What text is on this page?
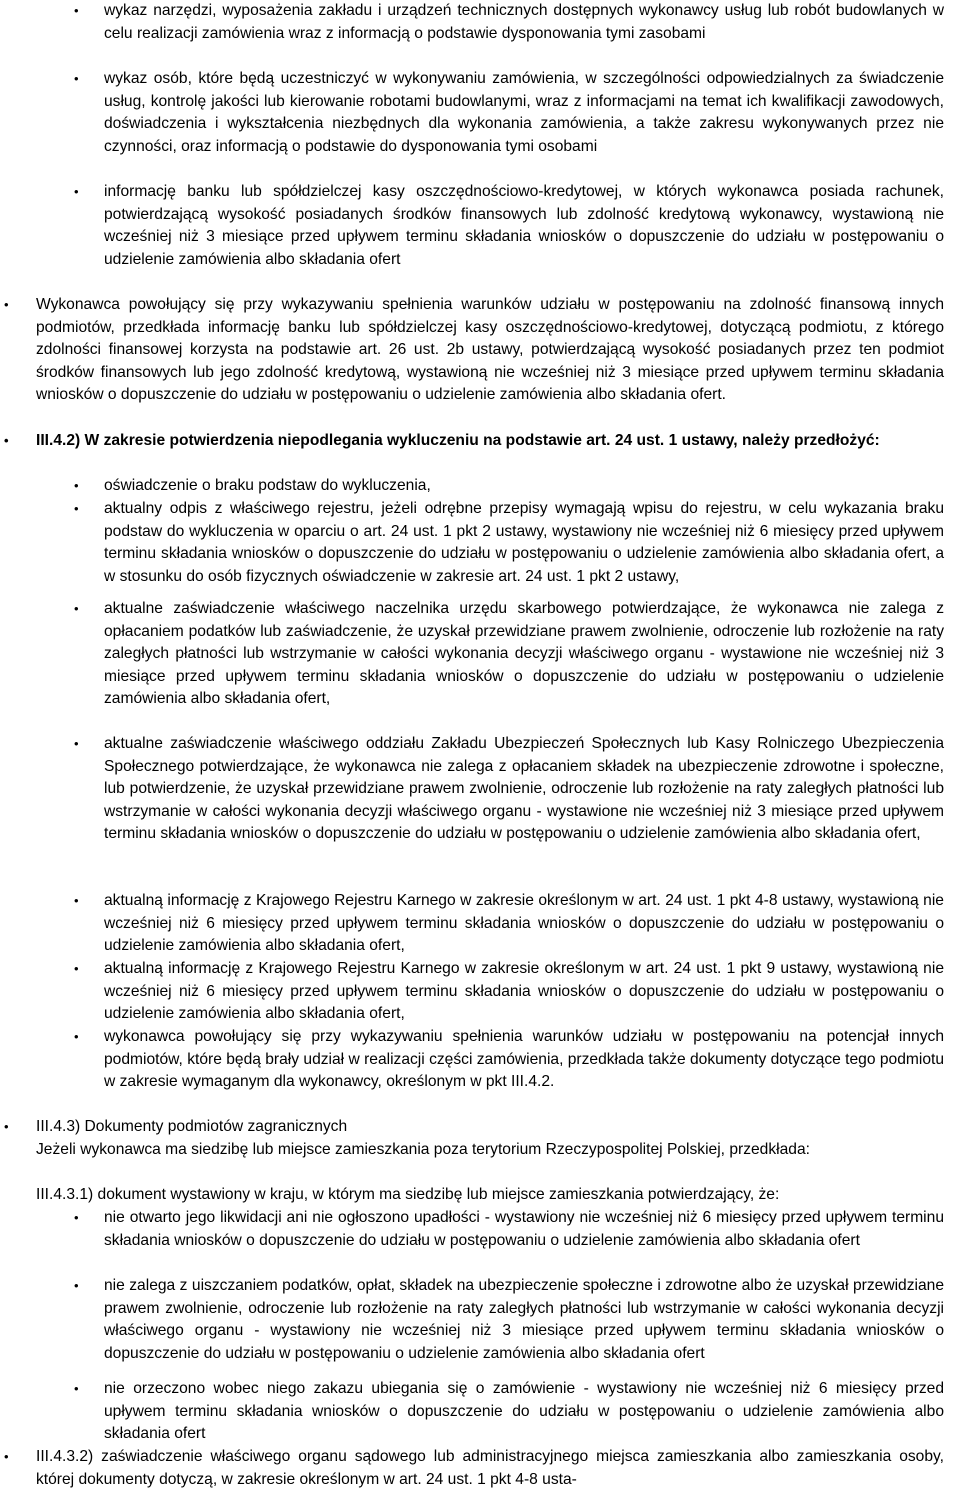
• wykaz narzędzi, wyposażenia zakładu i urządzeń technicznych dostępnych wykonawcy usług lub robót budowlanych w celu realizacji zamówienia wraz z informacją o podstawie dysponowania tymi zasobami
• wykaz osób, które będą uczestniczyć w wykonywaniu zamówienia, w szczególności odpowiedzialnych za świadczenie usług, kontrolę jakości lub kierowanie robotami budowlanymi, wraz z informacjami na temat ich kwalifikacji zawodowych, doświadczenia i wykształcenia niezbędnych dla wykonania zamówienia, a także zakresu wykonywanych przez nie czynności, oraz informacją o podstawie do dysponowania tymi osobami
• informację banku lub spółdzielczej kasy oszczędnościowo-kredytowej, w których wykonawca posiada rachunek, potwierdzającą wysokość posiadanych środków finansowych lub zdolność kredytową wykonawcy, wystawioną nie wcześniej niż 3 miesiące przed upływem terminu składania wniosków o dopuszczenie do udziału w postępowaniu o udzielenie zamówienia albo składania ofert
• Wykonawca powołujący się przy wykazywaniu spełnienia warunków udziału w postępowaniu na zdolność finansową innych podmiotów, przedkłada informację banku lub spółdzielczej kasy oszczędnościowo-kredytowej, dotyczącą podmiotu, z którego zdolności finansowej korzysta na podstawie art. 26 ust. 2b ustawy, potwierdzającą wysokość posiadanych przez ten podmiot środków finansowych lub jego zdolność kredytową, wystawioną nie wcześniej niż 3 miesiące przed upływem terminu składania wniosków o dopuszczenie do udziału w postępowaniu o udzielenie zamówienia albo składania ofert.
• III.4.2) W zakresie potwierdzenia niepodlegania wykluczeniu na podstawie art. 24 ust. 1 ustawy, należy przedłożyć:
• oświadczenie o braku podstaw do wykluczenia,
• aktualny odpis z właściwego rejestru, jeżeli odrębne przepisy wymagają wpisu do rejestru, w celu wykazania braku podstaw do wykluczenia w oparciu o art. 24 ust. 1 pkt 2 ustawy, wystawiony nie wcześniej niż 6 miesięcy przed upływem terminu składania wniosków o dopuszczenie do udziału w postępowaniu o udzielenie zamówienia albo składania ofert, a w stosunku do osób fizycznych oświadczenie w zakresie art. 24 ust. 1 pkt 2 ustawy,
• aktualne zaświadczenie właściwego naczelnika urzędu skarbowego potwierdzające, że wykonawca nie zalega z opłacaniem podatków lub zaświadczenie, że uzyskał przewidziane prawem zwolnienie, odroczenie lub rozłożenie na raty zaległych płatności lub wstrzymanie w całości wykonania decyzji właściwego organu - wystawione nie wcześniej niż 3 miesiące przed upływem terminu składania wniosków o dopuszczenie do udziału w postępowaniu o udzielenie zamówienia albo składania ofert,
• aktualne zaświadczenie właściwego oddziału Zakładu Ubezpieczeń Społecznych lub Kasy Rolniczego Ubezpieczenia Społecznego potwierdzające, że wykonawca nie zalega z opłacaniem składek na ubezpieczenie zdrowotne i społeczne, lub potwierdzenie, że uzyskał przewidziane prawem zwolnienie, odroczenie lub rozłożenie na raty zaległych płatności lub wstrzymanie w całości wykonania decyzji właściwego organu - wystawione nie wcześniej niż 3 miesiące przed upływem terminu składania wniosków o dopuszczenie do udziału w postępowaniu o udzielenie zamówienia albo składania ofert,
• aktualną informację z Krajowego Rejestru Karnego w zakresie określonym w art. 24 ust. 1 pkt 4-8 ustawy, wystawioną nie wcześniej niż 6 miesięcy przed upływem terminu składania wniosków o dopuszczenie do udziału w postępowaniu o udzielenie zamówienia albo składania ofert,
• aktualną informację z Krajowego Rejestru Karnego w zakresie określonym w art. 24 ust. 1 pkt 9 ustawy, wystawioną nie wcześniej niż 6 miesięcy przed upływem terminu składania wniosków o dopuszczenie do udziału w postępowaniu o udzielenie zamówienia albo składania ofert,
• wykonawca powołujący się przy wykazywaniu spełnienia warunków udziału w postępowaniu na potencjał innych podmiotów, które będą brały udział w realizacji części zamówienia, przedkłada także dokumenty dotyczące tego podmiotu w zakresie wymaganym dla wykonawcy, określonym w pkt III.4.2.
• III.4.3) Dokumenty podmiotów zagranicznych
Jeżeli wykonawca ma siedzibę lub miejsce zamieszkania poza terytorium Rzeczypospolitej Polskiej, przedkłada:
III.4.3.1) dokument wystawiony w kraju, w którym ma siedzibę lub miejsce zamieszkania potwierdzający, że:
• nie otwarto jego likwidacji ani nie ogłoszono upadłości - wystawiony nie wcześniej niż 6 miesięcy przed upływem terminu składania wniosków o dopuszczenie do udziału w postępowaniu o udzielenie zamówienia albo składania ofert
• nie zalega z uiszczaniem podatków, opłat, składek na ubezpieczenie społeczne i zdrowotne albo że uzyskał przewidziane prawem zwolnienie, odroczenie lub rozłożenie na raty zaległych płatności lub wstrzymanie w całości wykonania decyzji właściwego organu - wystawiony nie wcześniej niż 3 miesiące przed upływem terminu składania wniosków o dopuszczenie do udziału w postępowaniu o udzielenie zamówienia albo składania ofert
• nie orzeczono wobec niego zakazu ubiegania się o zamówienie - wystawiony nie wcześniej niż 6 miesięcy przed upływem terminu składania wniosków o dopuszczenie do udziału w postępowaniu o udzielenie zamówienia albo składania ofert
• III.4.3.2) zaświadczenie właściwego organu sądowego lub administracyjnego miejsca zamieszkania albo zamieszkania osoby, której dokumenty dotyczą, w zakresie określonym w art. 24 ust. 1 pkt 4-8 usta-
